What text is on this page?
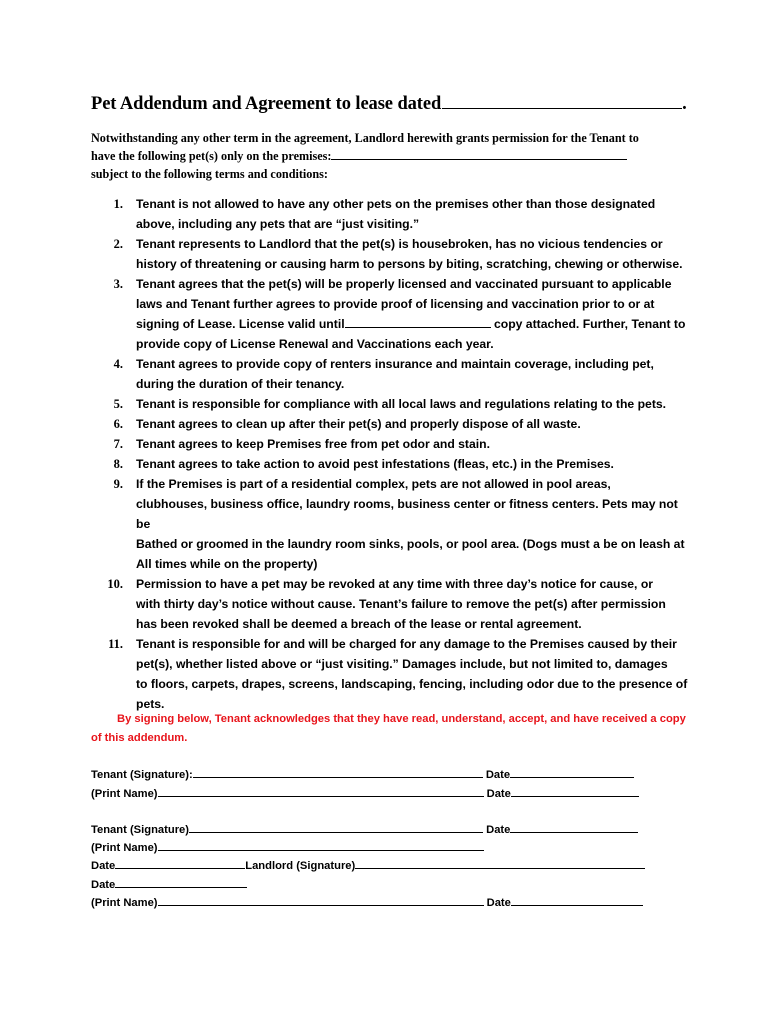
Pet Addendum and Agreement to lease dated	.
Notwithstanding any other term in the agreement, Landlord herewith grants permission for the Tenant to
have the following pet(s) only on the premises:
subject to the following terms and conditions:
1. Tenant is not allowed to have any other pets on the premises other than those designated
above, including any pets that are “just visiting.”
2. Tenant represents to Landlord that the pet(s) is housebroken, has no vicious tendencies or
history of threatening or causing harm to persons by biting, scratching, chewing or otherwise.
3. Tenant agrees that the pet(s) will be properly licensed and vaccinated pursuant to applicable
laws and Tenant further agrees to provide proof of licensing and vaccination prior to or at
signing of Lease. License valid until	copy attached. Further, Tenant to
provide copy of License Renewal and Vaccinations each year.
4. Tenant agrees to provide copy of renters insurance and maintain coverage, including pet,
during the duration of their tenancy.
5. Tenant is responsible for compliance with all local laws and regulations relating to the pets.
6. Tenant agrees to clean up after their pet(s) and properly dispose of all waste.
7. Tenant agrees to keep Premises free from pet odor and stain.
8. Tenant agrees to take action to avoid pest infestations (fleas, etc.) in the Premises.
9. If the Premises is part of a residential complex, pets are not allowed in pool areas,
clubhouses, business office, laundry rooms, business center or fitness centers. Pets may not be
Bathed or groomed in the laundry room sinks, pools, or pool area. (Dogs must a be on leash at
All times while on the property)
10. Permission to have a pet may be revoked at any time with three day’s notice for cause, or
with thirty day’s notice without cause. Tenant’s failure to remove the pet(s) after permission
has been revoked shall be deemed a breach of the lease or rental agreement.
11. Tenant is responsible for and will be charged for any damage to the Premises caused by their
pet(s), whether listed above or “just visiting.” Damages include, but not limited to, damages
to floors, carpets, drapes, screens, landscaping, fencing, including odor due to the presence of
pets.
By signing below, Tenant acknowledges that they have read, understand, accept, and have received a copy
of this addendum.
Tenant (Signature):	Date
(Print Name)	Date
Tenant (Signature)	Date
(Print Name)
Date	Landlord (Signature)
Date
(Print Name)	Date
